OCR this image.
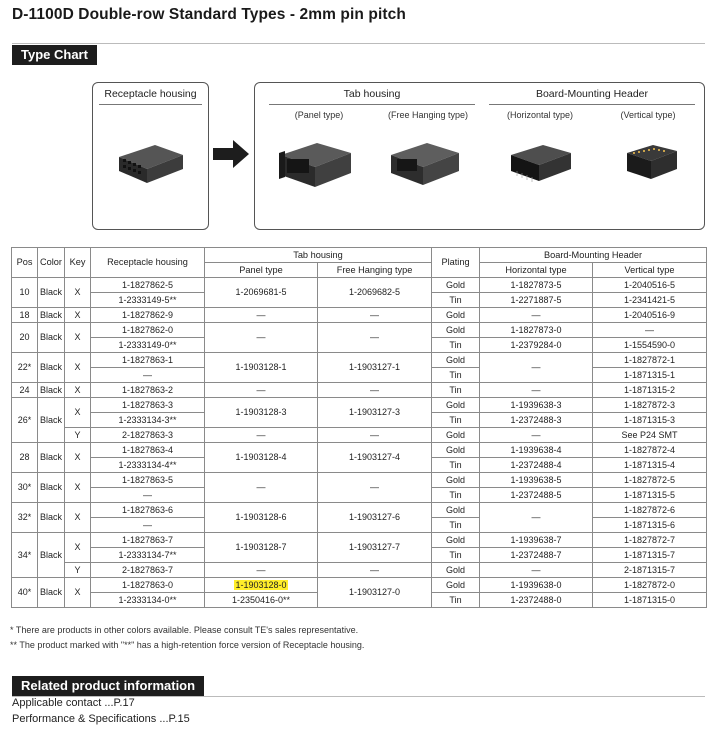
D-1100D Double-row Standard Types - 2mm pin pitch
Type Chart
Receptacle housing	Tab housing	Board-Mounting Header
(Panel type)	(Free Hanging type)	(Horizontal type)	(Vertical type)
Pos	Color	Key	Receptacle housing	Tab housing		Plating	Board-Mounting Header	
				Panel type	Free Hanging type		Horizontal type	Vertical type
10	Black	X	1-1827862-5	1-2069681-5	1-2069682-5	Gold	1-1827873-5	1-2040516-5
			1-2333149-5**			Tin	1-2271887-5	1-2341421-5
18	Black	X	1-1827862-9	—	—	Gold	—	1-2040516-9
20	Black	X	1-1827862-0	—	—	Gold	1-1827873-0	—
			1-2333149-0**			Tin	1-2379284-0	1-1554590-0
22*	Black	X	1-1827863-1	1-1903128-1	1-1903127-1	Gold	—	1-1827872-1
			—			Tin		1-1871315-1
24	Black	X	1-1827863-2	—	—	Tin	—	1-1871315-2
26*	Black	X	1-1827863-3	1-1903128-3	1-1903127-3	Gold	1-1939638-3	1-1827872-3
			1-2333134-3**			Tin	1-2372488-3	1-1871315-3
		Y	2-1827863-3	—	—	Gold	—	See P24 SMT
28	Black	X	1-1827863-4	1-1903128-4	1-1903127-4	Gold	1-1939638-4	1-1827872-4
			1-2333134-4**			Tin	1-2372488-4	1-1871315-4
30*	Black	X	1-1827863-5	—	—	Gold	1-1939638-5	1-1827872-5
			—			Tin	1-2372488-5	1-1871315-5
32*	Black	X	1-1827863-6	1-1903128-6	1-1903127-6	Gold	—	1-1827872-6
			—			Tin		1-1871315-6
34*	Black	X	1-1827863-7	1-1903128-7	1-1903127-7	Gold	1-1939638-7	1-1827872-7
			1-2333134-7**			Tin	1-2372488-7	1-1871315-7
		Y	2-1827863-7	—	—	Gold	—	2-1871315-7
40*	Black	X	1-1827863-0	1-1903128-0	1-1903127-0	Gold	1-1939638-0	1-1827872-0
			1-2333134-0**	1-2350416-0**		Tin	1-2372488-0	1-1871315-0
* There are products in other colors available. Please consult TE's sales representative.
** The product marked with "**" has a high-retention force version of Receptacle housing.
Related product information
Applicable contact ...P.17
Performance & Specifications ...P.15
